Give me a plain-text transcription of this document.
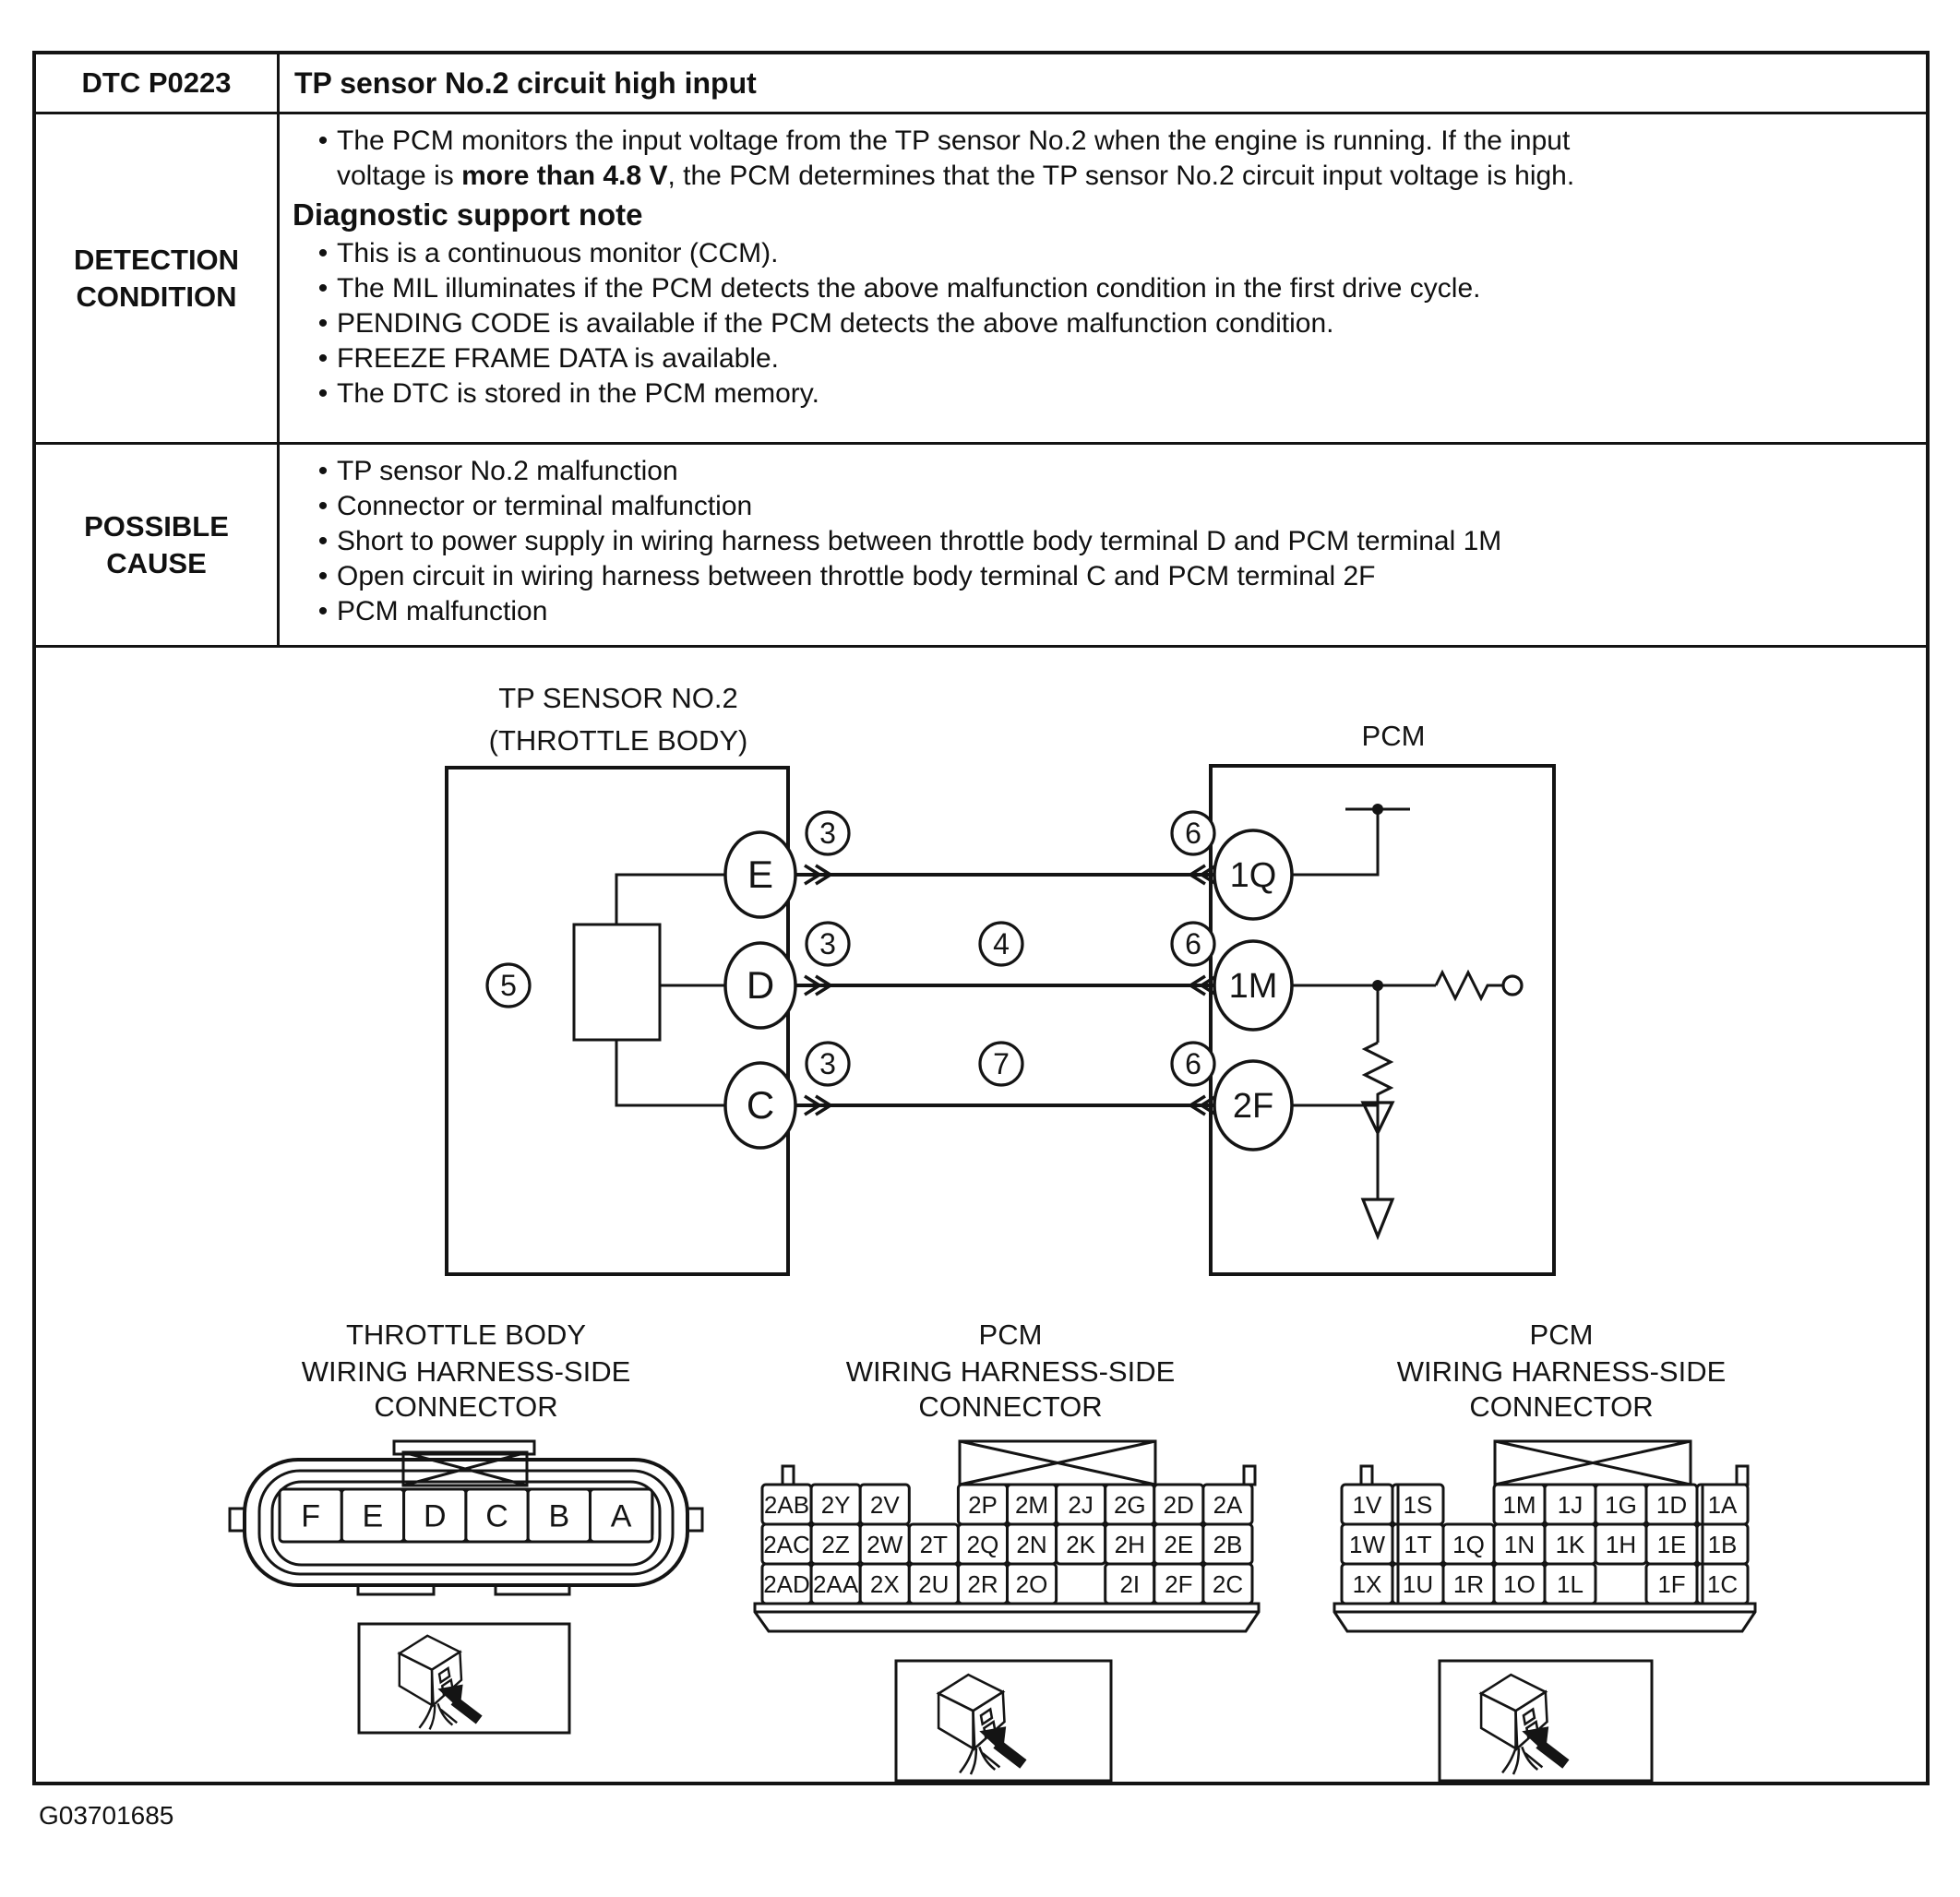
DTC P0223	TP sensor No.2 circuit high input
DETECTION
CONDITION
• The PCM monitors the input voltage from the TP sensor No.2 when the engine is running. If the input
voltage is more than 4.8 V, the PCM determines that the TP sensor No.2 circuit input voltage is high.
Diagnostic support note
• This is a continuous monitor (CCM).
• The MIL illuminates if the PCM detects the above malfunction condition in the first drive cycle.
• PENDING CODE is available if the PCM detects the above malfunction condition.
• FREEZE FRAME DATA is available.
• The DTC is stored in the PCM memory.
POSSIBLE
CAUSE
• TP sensor No.2 malfunction
• Connector or terminal malfunction
• Short to power supply in wiring harness between throttle body terminal D and PCM terminal 1M
• Open circuit in wiring harness between throttle body terminal C and PCM terminal 2F
• PCM malfunction
TP SENSOR NO.2
(THROTTLE BODY)	PCM
E
D
C
1Q
1M
2F
3	6
3	4	6
3	7	6
5
THROTTLE BODY
WIRING HARNESS-SIDE
CONNECTOR
PCM
WIRING HARNESS-SIDE
CONNECTOR
PCM
WIRING HARNESS-SIDE
CONNECTOR
F E D C B A	2AB 2Y 2V	2P 2M 2J 2G 2D 2A
2AC 2Z 2W 2T 2Q 2N 2K 2H 2E 2B
2AD 2AA 2X 2U 2R 2O	2I 2F 2C
1V 1S	1M 1J 1G 1D 1A
1W 1T 1Q 1N 1K 1H 1E 1B
1X 1U 1R 1O 1L	1F 1C
G03701685
